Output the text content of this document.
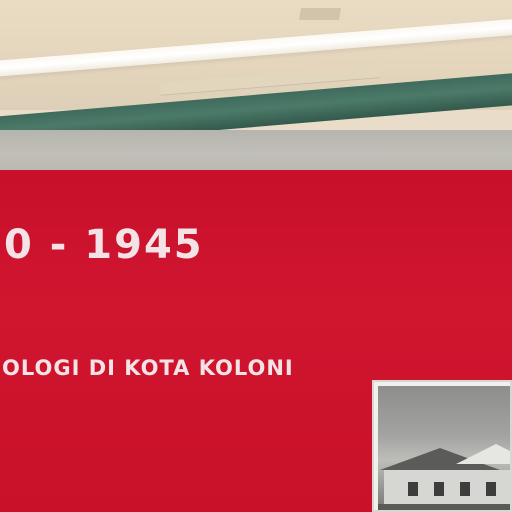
0 - 1945
OLOGI DI KOTA KOLONI
